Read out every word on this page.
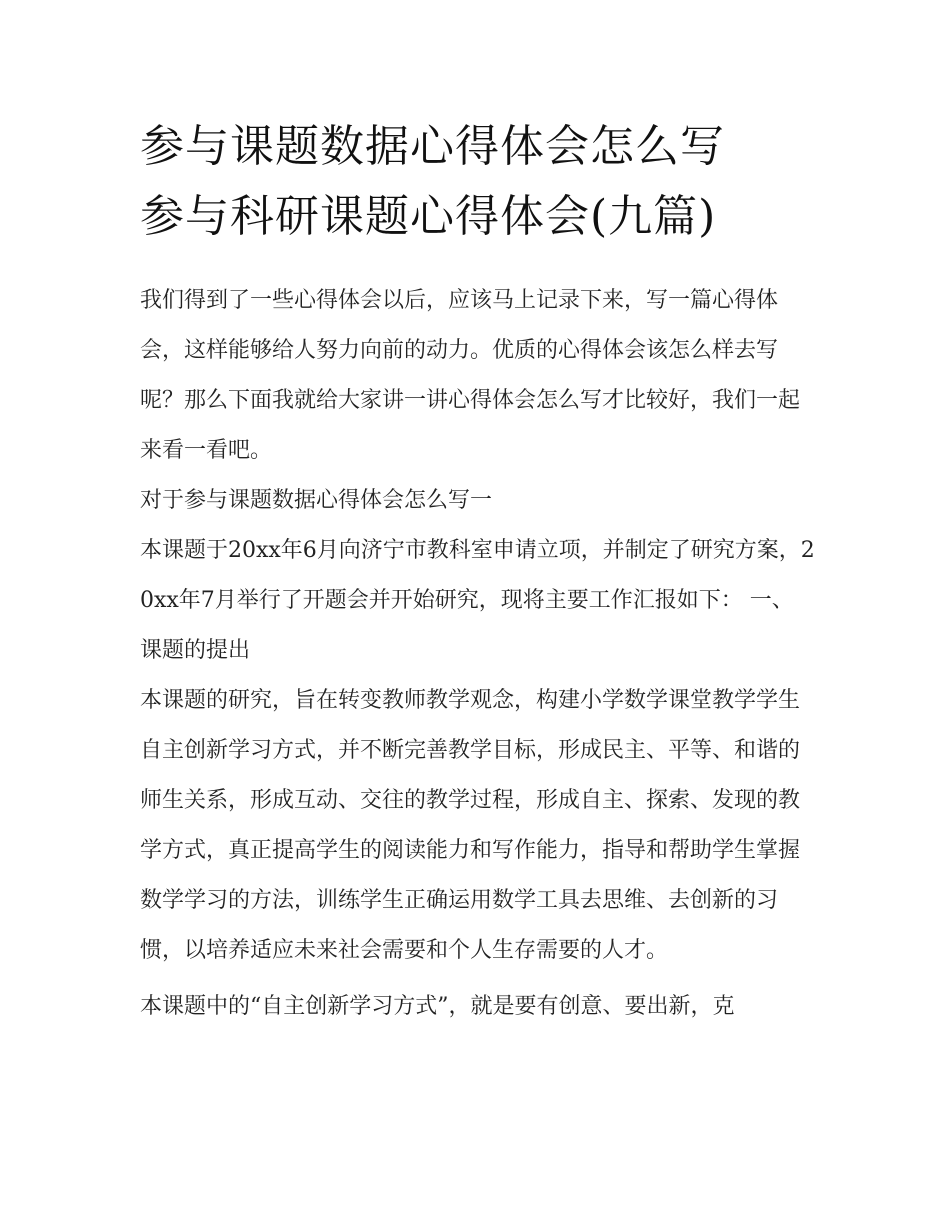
参与课题数据心得体会怎么写
参与科研课题心得体会(九篇)

我们得到了一些心得体会以后，应该马上记录下来，写一篇心得体会，这样能够给人努力向前的动力。优质的心得体会该怎么样去写呢？那么下面我就给大家讲一讲心得体会怎么写才比较好，我们一起来看一看吧。

对于参与课题数据心得体会怎么写一

本课题于20xx年6月向济宁市教科室申请立项，并制定了研究方案，20xx年7月举行了开题会并开始研究，现将主要工作汇报如下： 一、课题的提出

本课题的研究，旨在转变教师教学观念，构建小学数学课堂教学学生自主创新学习方式，并不断完善教学目标，形成民主、平等、和谐的师生关系，形成互动、交往的教学过程，形成自主、探索、发现的教学方式，真正提高学生的阅读能力和写作能力，指导和帮助学生掌握数学学习的方法，训练学生正确运用数学工具去思维、去创新的习惯，以培养适应未来社会需要和个人生存需要的人才。

本课题中的“自主创新学习方式”，就是要有创意、要出新，克
